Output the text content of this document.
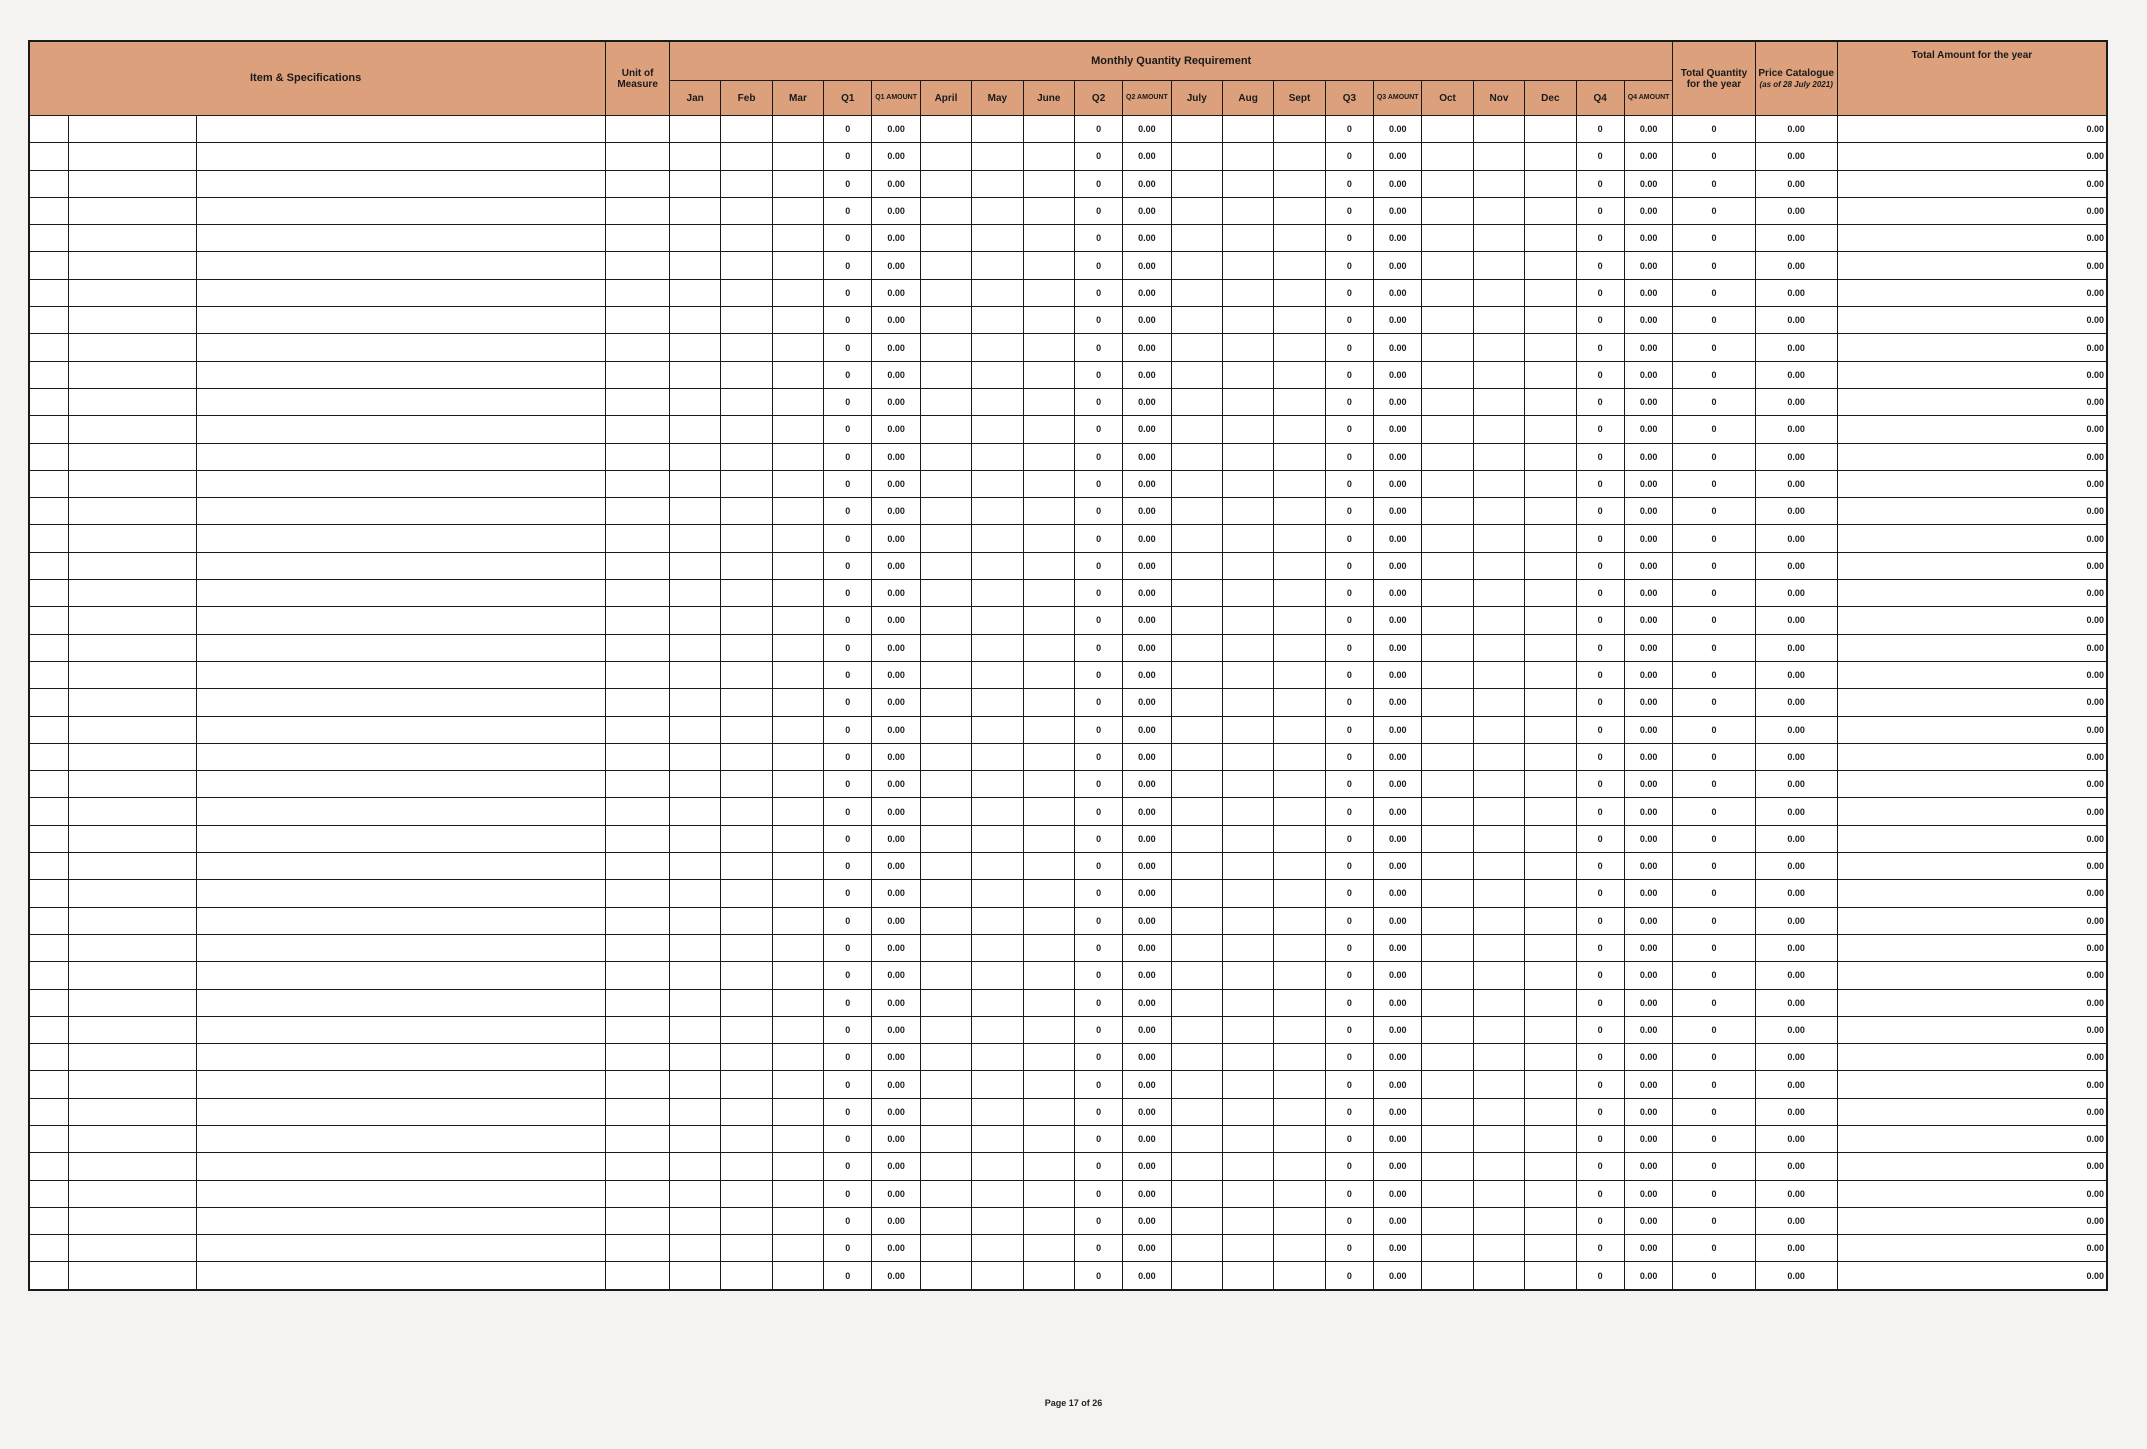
Item & Specifications			Unit of Measure	Monthly Quantity Requirement																				Total Quantity for the year	Price Catalogue (as of 28 July 2021)	Total Amount for the year
				Jan	Feb	Mar	Q1	Q1 AMOUNT	April	May	June	Q2	Q2 AMOUNT	July	Aug	Sept	Q3	Q3 AMOUNT	Oct	Nov	Dec	Q4	Q4 AMOUNT			
							0	0.00				0	0.00				0	0.00				0	0.00	0	0.00	0.00
							0	0.00				0	0.00				0	0.00				0	0.00	0	0.00	0.00
							0	0.00				0	0.00				0	0.00				0	0.00	0	0.00	0.00
							0	0.00				0	0.00				0	0.00				0	0.00	0	0.00	0.00
							0	0.00				0	0.00				0	0.00				0	0.00	0	0.00	0.00
							0	0.00				0	0.00				0	0.00				0	0.00	0	0.00	0.00
							0	0.00				0	0.00				0	0.00				0	0.00	0	0.00	0.00
							0	0.00				0	0.00				0	0.00				0	0.00	0	0.00	0.00
							0	0.00				0	0.00				0	0.00				0	0.00	0	0.00	0.00
							0	0.00				0	0.00				0	0.00				0	0.00	0	0.00	0.00
							0	0.00				0	0.00				0	0.00				0	0.00	0	0.00	0.00
							0	0.00				0	0.00				0	0.00				0	0.00	0	0.00	0.00
							0	0.00				0	0.00				0	0.00				0	0.00	0	0.00	0.00
							0	0.00				0	0.00				0	0.00				0	0.00	0	0.00	0.00
							0	0.00				0	0.00				0	0.00				0	0.00	0	0.00	0.00
							0	0.00				0	0.00				0	0.00				0	0.00	0	0.00	0.00
							0	0.00				0	0.00				0	0.00				0	0.00	0	0.00	0.00
							0	0.00				0	0.00				0	0.00				0	0.00	0	0.00	0.00
							0	0.00				0	0.00				0	0.00				0	0.00	0	0.00	0.00
							0	0.00				0	0.00				0	0.00				0	0.00	0	0.00	0.00
							0	0.00				0	0.00				0	0.00				0	0.00	0	0.00	0.00
							0	0.00				0	0.00				0	0.00				0	0.00	0	0.00	0.00
							0	0.00				0	0.00				0	0.00				0	0.00	0	0.00	0.00
							0	0.00				0	0.00				0	0.00				0	0.00	0	0.00	0.00
							0	0.00				0	0.00				0	0.00				0	0.00	0	0.00	0.00
							0	0.00				0	0.00				0	0.00				0	0.00	0	0.00	0.00
							0	0.00				0	0.00				0	0.00				0	0.00	0	0.00	0.00
							0	0.00				0	0.00				0	0.00				0	0.00	0	0.00	0.00
							0	0.00				0	0.00				0	0.00				0	0.00	0	0.00	0.00
							0	0.00				0	0.00				0	0.00				0	0.00	0	0.00	0.00
							0	0.00				0	0.00				0	0.00				0	0.00	0	0.00	0.00
							0	0.00				0	0.00				0	0.00				0	0.00	0	0.00	0.00
							0	0.00				0	0.00				0	0.00				0	0.00	0	0.00	0.00
							0	0.00				0	0.00				0	0.00				0	0.00	0	0.00	0.00
							0	0.00				0	0.00				0	0.00				0	0.00	0	0.00	0.00
							0	0.00				0	0.00				0	0.00				0	0.00	0	0.00	0.00
							0	0.00				0	0.00				0	0.00				0	0.00	0	0.00	0.00
							0	0.00				0	0.00				0	0.00				0	0.00	0	0.00	0.00
							0	0.00				0	0.00				0	0.00				0	0.00	0	0.00	0.00
							0	0.00				0	0.00				0	0.00				0	0.00	0	0.00	0.00
							0	0.00				0	0.00				0	0.00				0	0.00	0	0.00	0.00
							0	0.00				0	0.00				0	0.00				0	0.00	0	0.00	0.00
							0	0.00				0	0.00				0	0.00				0	0.00	0	0.00	0.00
Page 17 of 26
